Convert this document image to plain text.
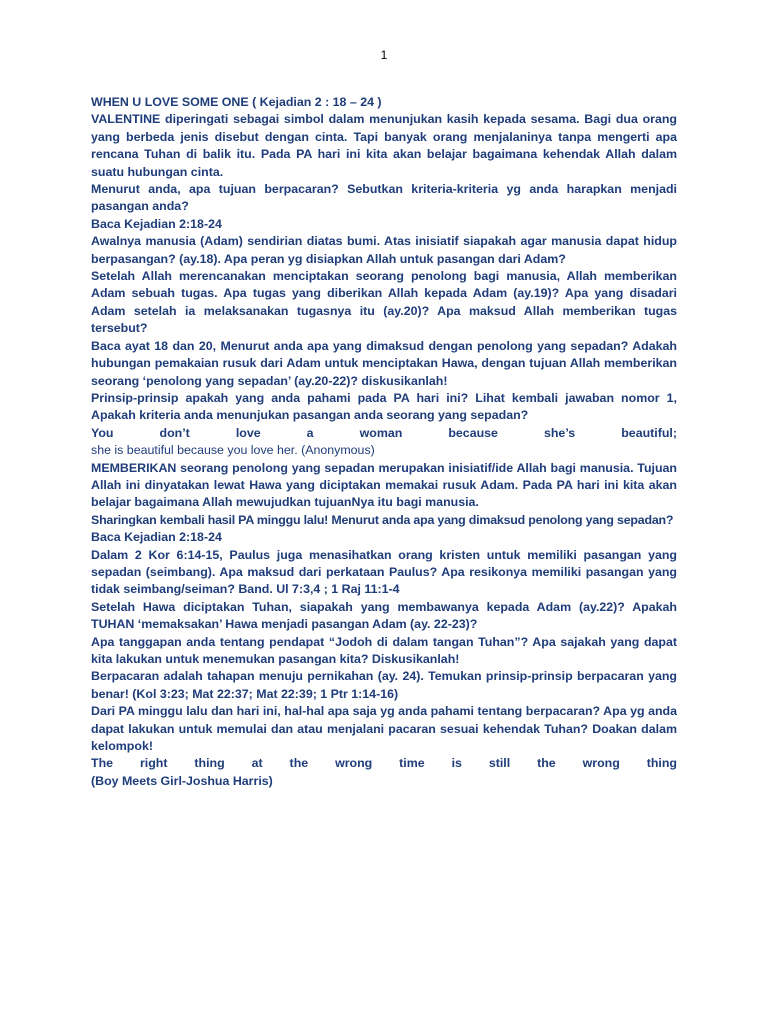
1

WHEN U LOVE SOME ONE ( Kejadian 2 : 18 – 24 )

VALENTINE diperingati sebagai simbol dalam menunjukan kasih kepada sesama. Bagi dua orang yang berbeda jenis disebut dengan cinta. Tapi banyak orang menjalaninya tanpa mengerti apa rencana Tuhan di balik itu. Pada PA hari ini kita akan belajar bagaimana kehendak Allah dalam suatu hubungan cinta.

Menurut anda, apa tujuan berpacaran? Sebutkan kriteria-kriteria yg anda harapkan menjadi pasangan anda?

Baca Kejadian 2:18-24

Awalnya manusia (Adam) sendirian diatas bumi. Atas inisiatif siapakah agar manusia dapat hidup berpasangan? (ay.18). Apa peran yg disiapkan Allah untuk pasangan dari Adam?

Setelah Allah merencanakan menciptakan seorang penolong bagi manusia, Allah memberikan Adam sebuah tugas. Apa tugas yang diberikan Allah kepada Adam (ay.19)? Apa yang disadari Adam setelah ia melaksanakan tugasnya itu (ay.20)? Apa maksud Allah memberikan tugas tersebut?

Baca ayat 18 dan 20, Menurut anda apa yang dimaksud dengan penolong yang sepadan? Adakah hubungan pemakaian rusuk dari Adam untuk menciptakan Hawa, dengan tujuan Allah memberikan seorang ‘penolong yang sepadan’ (ay.20-22)? diskusikanlah!

Prinsip-prinsip apakah yang anda pahami pada PA hari ini? Lihat kembali jawaban nomor 1, Apakah kriteria anda menunjukan pasangan anda seorang yang sepadan?

You don’t love a woman because she’s beautiful;

she is beautiful because you love her. (Anonymous)

MEMBERIKAN seorang penolong yang sepadan merupakan inisiatif/ide Allah bagi manusia. Tujuan Allah ini dinyatakan lewat Hawa yang diciptakan memakai rusuk Adam. Pada PA hari ini kita akan belajar bagaimana Allah mewujudkan tujuanNya itu bagi manusia.

Sharingkan kembali hasil PA minggu lalu! Menurut anda apa yang dimaksud penolong yang sepadan?

Baca Kejadian 2:18-24

Dalam 2 Kor 6:14-15, Paulus juga menasihatkan orang kristen untuk memiliki pasangan yang sepadan (seimbang). Apa maksud dari perkataan Paulus? Apa resikonya memiliki pasangan yang tidak seimbang/seiman? Band. Ul 7:3,4 ; 1 Raj 11:1-4

Setelah Hawa diciptakan Tuhan, siapakah yang membawanya kepada Adam (ay.22)? Apakah TUHAN ‘memaksakan’ Hawa menjadi pasangan Adam (ay. 22-23)?

Apa tanggapan anda tentang pendapat “Jodoh di dalam tangan Tuhan”? Apa sajakah yang dapat kita lakukan untuk menemukan pasangan kita? Diskusikanlah!

Berpacaran adalah tahapan menuju pernikahan (ay. 24). Temukan prinsip-prinsip berpacaran yang benar! (Kol 3:23; Mat 22:37; Mat 22:39; 1 Ptr 1:14-16)

Dari PA minggu lalu dan hari ini, hal-hal apa saja yg anda pahami tentang berpacaran? Apa yg anda dapat lakukan untuk memulai dan atau menjalani pacaran sesuai kehendak Tuhan? Doakan dalam kelompok!

The right thing at the wrong time is still the wrong thing

(Boy Meets Girl-Joshua Harris)
